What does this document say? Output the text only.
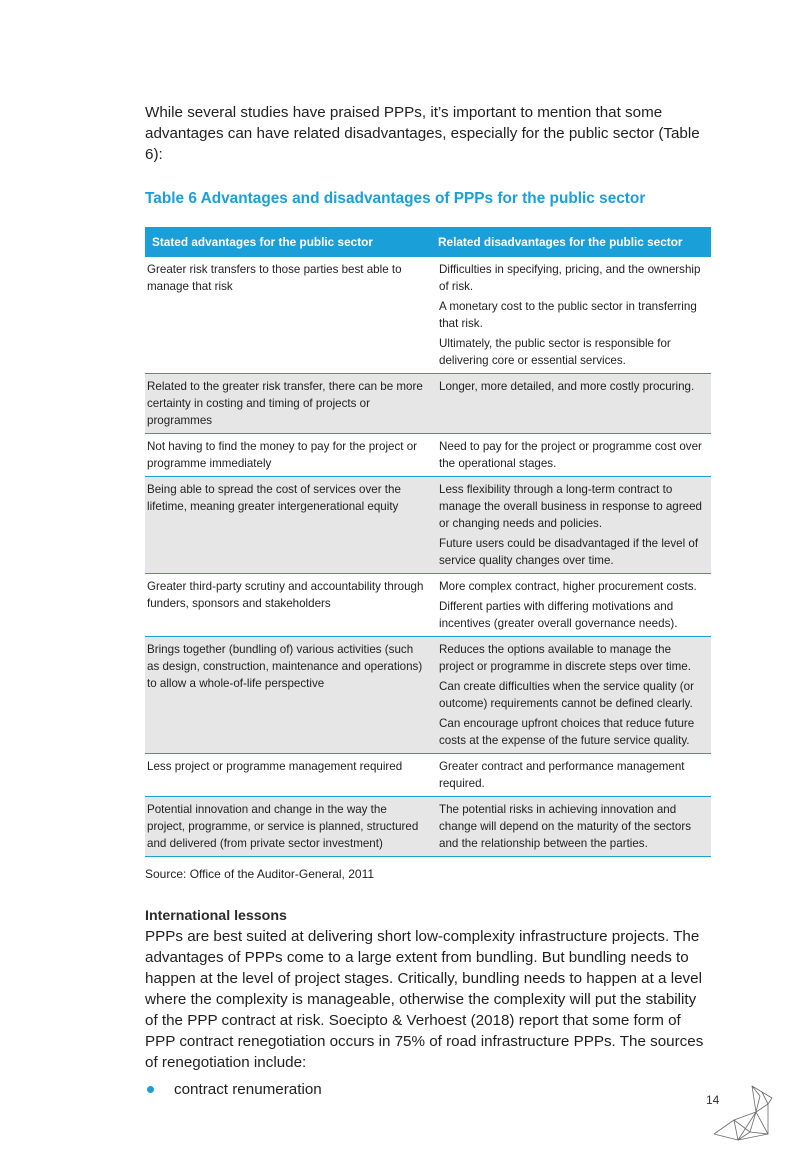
While several studies have praised PPPs, it’s important to mention that some advantages can have related disadvantages, especially for the public sector (Table 6):

Table 6 Advantages and disadvantages of PPPs for the public sector
Stated advantages for the public sector	Related disadvantages for the public sector
Greater risk transfers to those parties best able to manage that risk	Difficulties in specifying, pricing, and the ownership of risk.

A monetary cost to the public sector in transferring that risk.

Ultimately, the public sector is responsible for delivering core or essential services.

Related to the greater risk transfer, there can be more certainty in costing and timing of projects or programmes	Longer, more detailed, and more costly procuring.

Not having to find the money to pay for the project or programme immediately	Need to pay for the project or programme cost over the operational stages.

Being able to spread the cost of services over the lifetime, meaning greater intergenerational equity	Less flexibility through a long-term contract to manage the overall business in response to agreed or changing needs and policies.

Future users could be disadvantaged if the level of service quality changes over time.

Greater third-party scrutiny and accountability through funders, sponsors and stakeholders	More complex contract, higher procurement costs.

Different parties with differing motivations and incentives (greater overall governance needs).

Brings together (bundling of) various activities (such as design, construction, maintenance and operations) to allow a whole-of-life perspective	Reduces the options available to manage the project or programme in discrete steps over time.

Can create difficulties when the service quality (or outcome) requirements cannot be defined clearly.

Can encourage upfront choices that reduce future costs at the expense of the future service quality.

Less project or programme management required	Greater contract and performance management required.

Potential innovation and change in the way the project, programme, or service is planned, structured and delivered (from private sector investment)	The potential risks in achieving innovation and change will depend on the maturity of the sectors and the relationship between the parties.

Source: Office of the Auditor-General, 2011

International lessons

PPPs are best suited at delivering short low-complexity infrastructure projects. The advantages of PPPs come to a large extent from bundling. But bundling needs to happen at the level of project stages. Critically, bundling needs to happen at a level where the complexity is manageable, otherwise the complexity will put the stability of the PPP contract at risk. Soecipto & Verhoest (2018) report that some form of PPP contract renegotiation occurs in 75% of road infrastructure PPPs. The sources of renegotiation include:

contract renumeration
14
